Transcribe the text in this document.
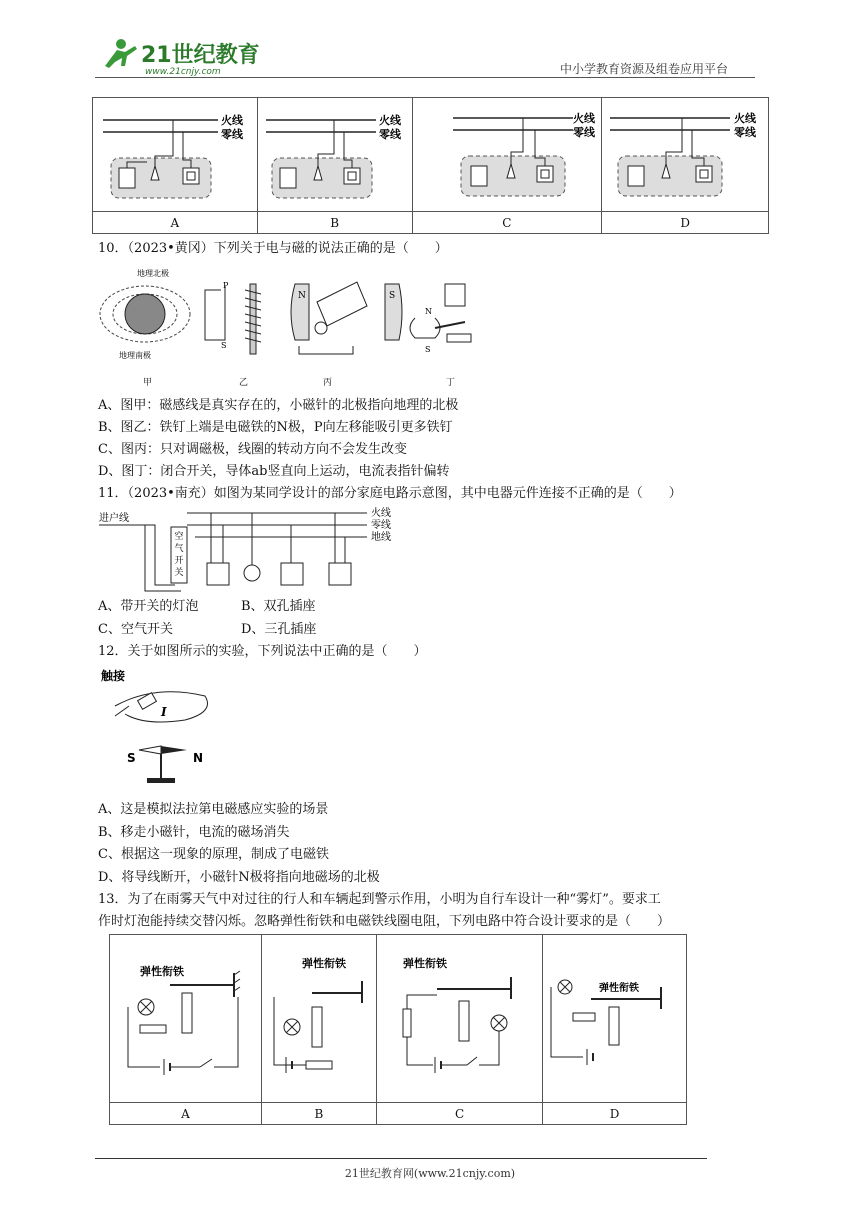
21世纪教育
www.21cnjy.com	中小学教育资源及组卷应用平台
火线
零线	火线
零线	火线
零线	火线
零线

A	B	C	D
10．（2023•黄冈）下列关于电与磁的说法正确的是（　　）
地理北极
地理南极
P
S
N	S
N
S
甲	乙	丙	丁
A、图甲：磁感线是真实存在的，小磁针的北极指向地理的北极
B、图乙：铁钉上端是电磁铁的N极，P向左移能吸引更多铁钉
C、图丙：只对调磁极，线圈的转动方向不会发生改变
D、图丁：闭合开关，导体ab竖直向上运动，电流表指针偏转
11．（2023•南充）如图为某同学设计的部分家庭电路示意图，其中电器元件连接不正确的是（　　）
进户线
空
气
开
关
火线
零线
地线
A、带开关的灯泡	B、双孔插座
C、空气开关	D、三孔插座
12．关于如图所示的实验，下列说法中正确的是（　　）
触接
I
S	N
A、这是模拟法拉第电磁感应实验的场景
B、移走小磁针，电流的磁场消失
C、根据这一现象的原理，制成了电磁铁
D、将导线断开，小磁针N极将指向地磁场的北极
13．为了在雨雾天气中对过往的行人和车辆起到警示作用，小明为自行车设计一种“雾灯”。要求工
作时灯泡能持续交替闪烁。忽略弹性衔铁和电磁铁线圈电阻，下列电路中符合设计要求的是（　　）
弹性衔铁	弹性衔铁	弹性衔铁	弹性衔铁

A	B	C	D
21世纪教育网(www.21cnjy.com)
